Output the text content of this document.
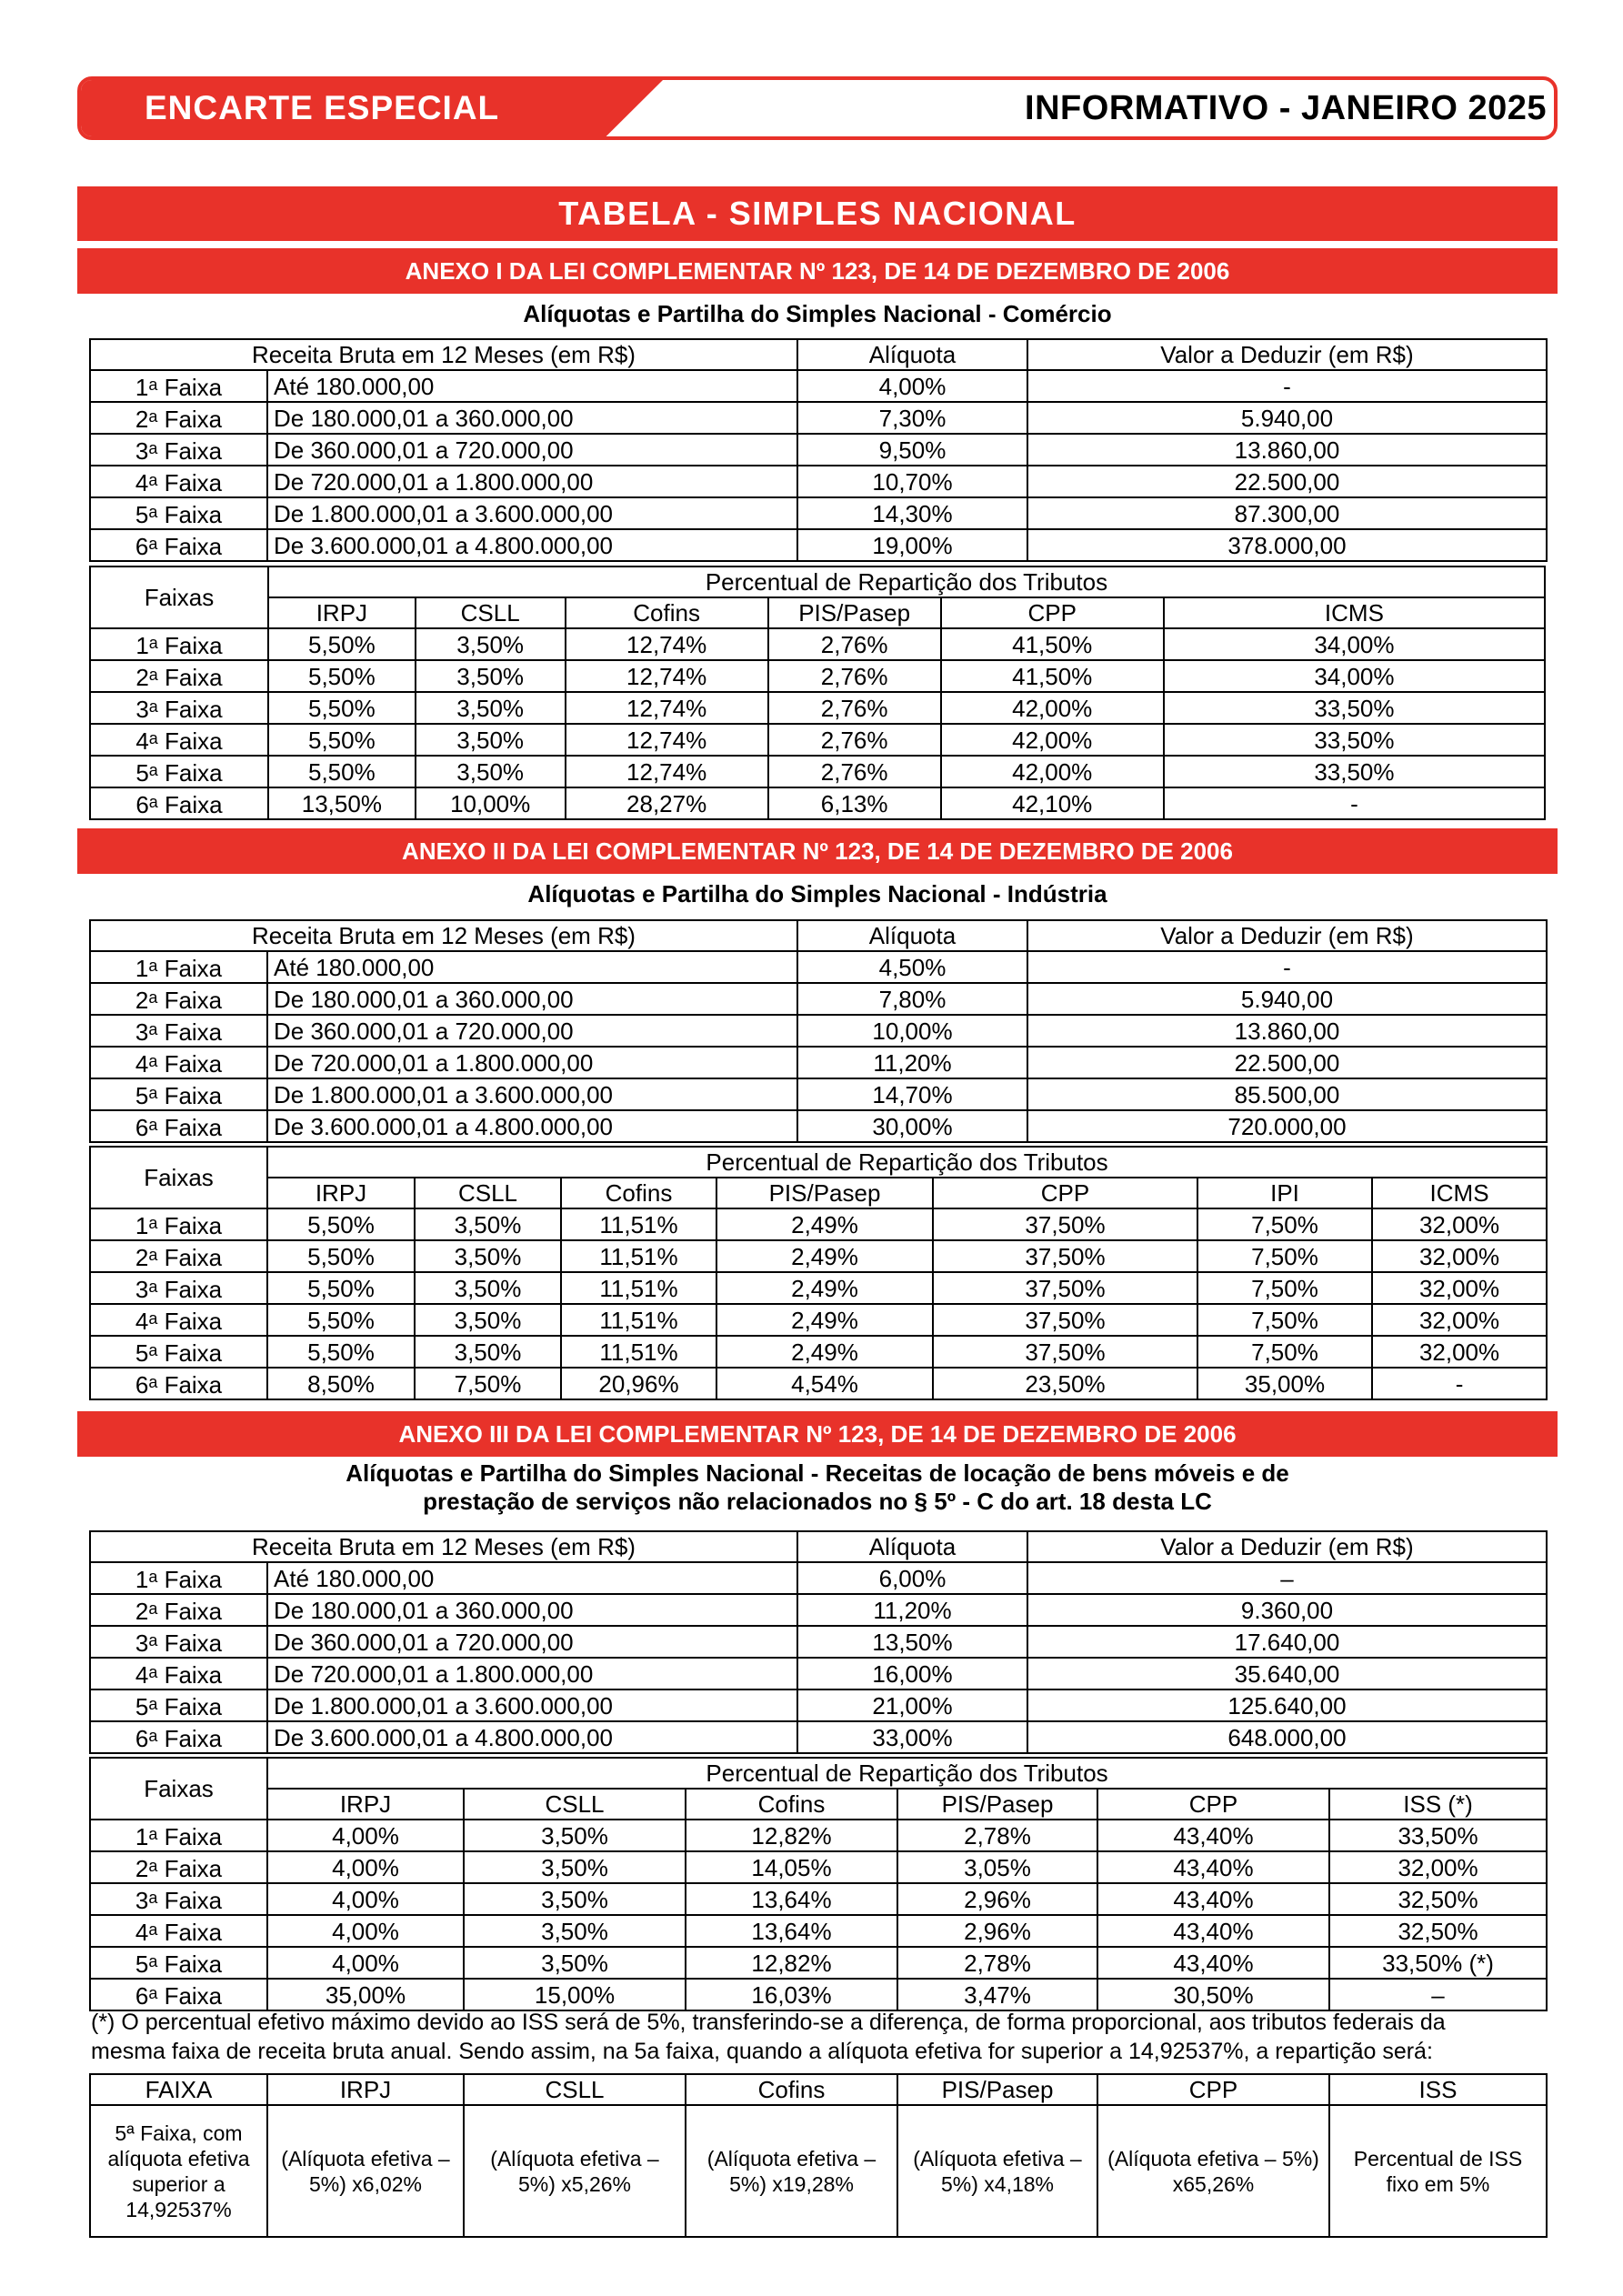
ENCARTE ESPECIAL	INFORMATIVO - JANEIRO 2025
TABELA - SIMPLES NACIONAL
ANEXO I DA LEI COMPLEMENTAR Nº 123, DE 14 DE DEZEMBRO DE 2006
Alíquotas e Partilha do Simples Nacional - Comércio
Receita Bruta em 12 Meses (em R$)		Alíquota	Valor a Deduzir (em R$)
1$^a$ Faixa	Até 180.000,00	4,00%	-
2$^a$ Faixa	De 180.000,01 a 360.000,00	7,30%	5.940,00
3$^a$ Faixa	De 360.000,01 a 720.000,00	9,50%	13.860,00
4$^a$ Faixa	De 720.000,01 a 1.800.000,00	10,70%	22.500,00
5$^a$ Faixa	De 1.800.000,01 a 3.600.000,00	14,30%	87.300,00
6$^a$ Faixa	De 3.600.000,01 a 4.800.000,00	19,00%	378.000,00
Faixas	Percentual de Repartição dos Tributos					
	IRPJ	CSLL	Cofins	PIS/Pasep	CPP	ICMS
1$^a$ Faixa	5,50%	3,50%	12,74%	2,76%	41,50%	34,00%
2$^a$ Faixa	5,50%	3,50%	12,74%	2,76%	41,50%	34,00%
3$^a$ Faixa	5,50%	3,50%	12,74%	2,76%	42,00%	33,50%
4$^a$ Faixa	5,50%	3,50%	12,74%	2,76%	42,00%	33,50%
5$^a$ Faixa	5,50%	3,50%	12,74%	2,76%	42,00%	33,50%
6$^a$ Faixa	13,50%	10,00%	28,27%	6,13%	42,10%	-
ANEXO II DA LEI COMPLEMENTAR Nº 123, DE 14 DE DEZEMBRO DE 2006
Alíquotas e Partilha do Simples Nacional - Indústria
Receita Bruta em 12 Meses (em R$)		Alíquota	Valor a Deduzir (em R$)
1$^a$ Faixa	Até 180.000,00	4,50%	-
2$^a$ Faixa	De 180.000,01 a 360.000,00	7,80%	5.940,00
3$^a$ Faixa	De 360.000,01 a 720.000,00	10,00%	13.860,00
4$^a$ Faixa	De 720.000,01 a 1.800.000,00	11,20%	22.500,00
5$^a$ Faixa	De 1.800.000,01 a 3.600.000,00	14,70%	85.500,00
6$^a$ Faixa	De 3.600.000,01 a 4.800.000,00	30,00%	720.000,00
Faixas	Percentual de Repartição dos Tributos						
	IRPJ	CSLL	Cofins	PIS/Pasep	CPP	IPI	ICMS
1$^a$ Faixa	5,50%	3,50%	11,51%	2,49%	37,50%	7,50%	32,00%
2$^a$ Faixa	5,50%	3,50%	11,51%	2,49%	37,50%	7,50%	32,00%
3$^a$ Faixa	5,50%	3,50%	11,51%	2,49%	37,50%	7,50%	32,00%
4$^a$ Faixa	5,50%	3,50%	11,51%	2,49%	37,50%	7,50%	32,00%
5$^a$ Faixa	5,50%	3,50%	11,51%	2,49%	37,50%	7,50%	32,00%
6$^a$ Faixa	8,50%	7,50%	20,96%	4,54%	23,50%	35,00%	-
ANEXO III DA LEI COMPLEMENTAR Nº 123, DE 14 DE DEZEMBRO DE 2006
Alíquotas e Partilha do Simples Nacional - Receitas de locação de bens móveis e de
prestação de serviços não relacionados no § 5º - C do art. 18 desta LC
Receita Bruta em 12 Meses (em R$)		Alíquota	Valor a Deduzir (em R$)
1$^a$ Faixa	Até 180.000,00	6,00%	–
2$^a$ Faixa	De 180.000,01 a 360.000,00	11,20%	9.360,00
3$^a$ Faixa	De 360.000,01 a 720.000,00	13,50%	17.640,00
4$^a$ Faixa	De 720.000,01 a 1.800.000,00	16,00%	35.640,00
5$^a$ Faixa	De 1.800.000,01 a 3.600.000,00	21,00%	125.640,00
6$^a$ Faixa	De 3.600.000,01 a 4.800.000,00	33,00%	648.000,00
Faixas	Percentual de Repartição dos Tributos					
	IRPJ	CSLL	Cofins	PIS/Pasep	CPP	ISS (*)
1$^a$ Faixa	4,00%	3,50%	12,82%	2,78%	43,40%	33,50%
2$^a$ Faixa	4,00%	3,50%	14,05%	3,05%	43,40%	32,00%
3$^a$ Faixa	4,00%	3,50%	13,64%	2,96%	43,40%	32,50%
4$^a$ Faixa	4,00%	3,50%	13,64%	2,96%	43,40%	32,50%
5$^a$ Faixa	4,00%	3,50%	12,82%	2,78%	43,40%	33,50% (*)
6$^a$ Faixa	35,00%	15,00%	16,03%	3,47%	30,50%	–
(*) O percentual efetivo máximo devido ao ISS será de 5%, transferindo-se a diferença, de forma proporcional, aos tributos federais da
mesma faixa de receita bruta anual. Sendo assim, na 5a faixa, quando a alíquota efetiva for superior a 14,92537%, a repartição será:
FAIXA	IRPJ	CSLL	Cofins	PIS/Pasep	CPP	ISS
5ª Faixa, com alíquota efetiva superior a 14,92537%	(Alíquota efetiva – 5%) x6,02%	(Alíquota efetiva – 5%) x5,26%	(Alíquota efetiva – 5%) x19,28%	(Alíquota efetiva – 5%) x4,18%	(Alíquota efetiva – 5%) x65,26%	Percentual de ISS fixo em 5%
